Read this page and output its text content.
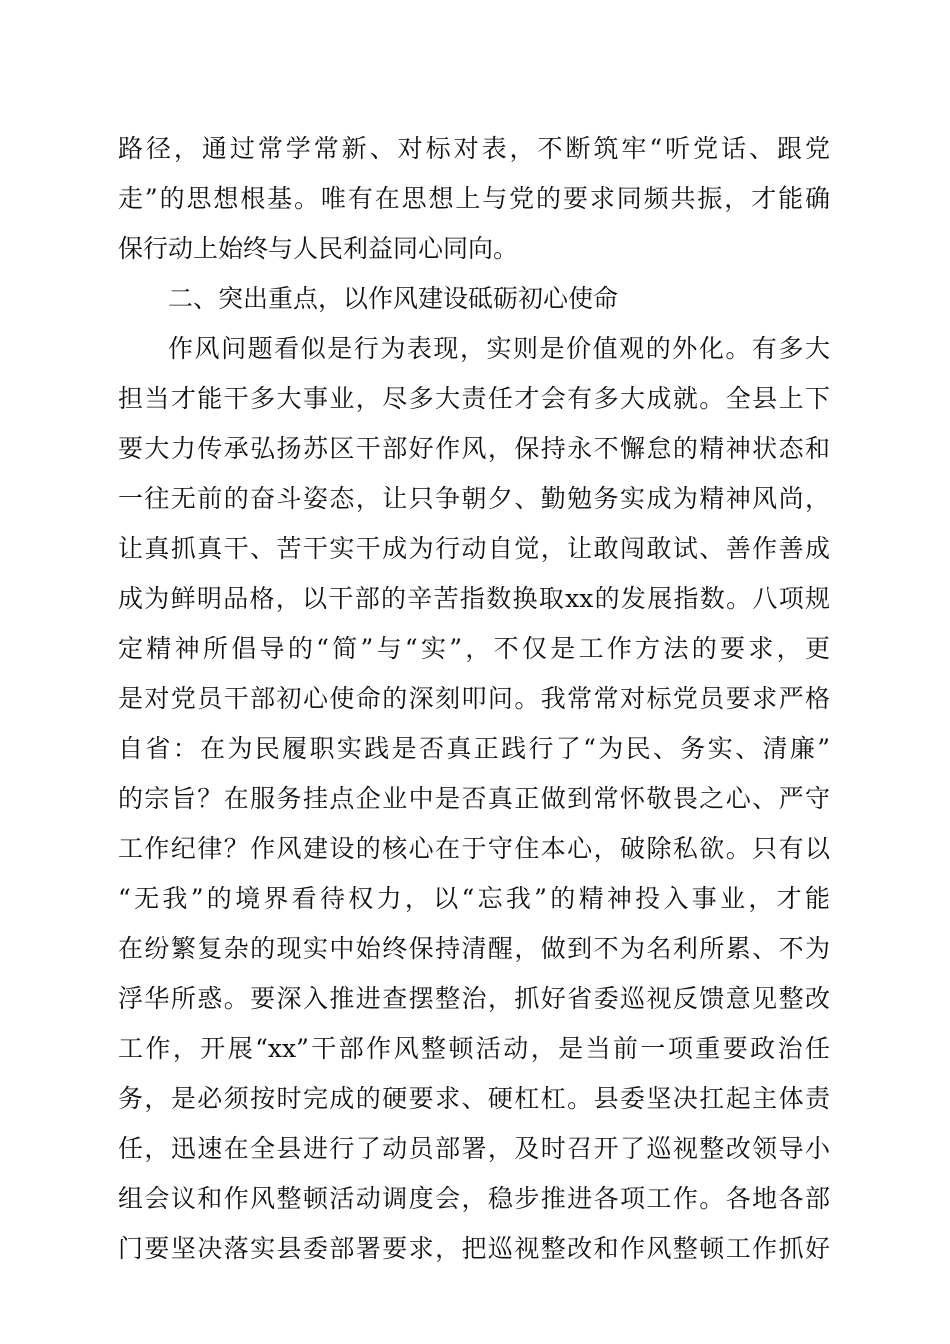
路径，通过常学常新、对标对表，不断筑牢“听党话、跟党
走”的思想根基。唯有在思想上与党的要求同频共振，才能确
保行动上始终与人民利益同心同向。
二、突出重点，以作风建设砥砺初心使命
作风问题看似是行为表现，实则是价值观的外化。有多大
担当才能干多大事业，尽多大责任才会有多大成就。全县上下
要大力传承弘扬苏区干部好作风，保持永不懈怠的精神状态和
一往无前的奋斗姿态，让只争朝夕、勤勉务实成为精神风尚，
让真抓真干、苦干实干成为行动自觉，让敢闯敢试、善作善成
成为鲜明品格，以干部的辛苦指数换取xx的发展指数。八项规
定精神所倡导的“简”与“实”，不仅是工作方法的要求，更
是对党员干部初心使命的深刻叩问。我常常对标党员要求严格
自省：在为民履职实践是否真正践行了“为民、务实、清廉”
的宗旨？在服务挂点企业中是否真正做到常怀敬畏之心、严守
工作纪律？作风建设的核心在于守住本心，破除私欲。只有以
“无我”的境界看待权力，以“忘我”的精神投入事业，才能
在纷繁复杂的现实中始终保持清醒，做到不为名利所累、不为
浮华所惑。要深入推进查摆整治，抓好省委巡视反馈意见整改
工作，开展“xx”干部作风整顿活动，是当前一项重要政治任
务，是必须按时完成的硬要求、硬杠杠。县委坚决扛起主体责
任，迅速在全县进行了动员部署，及时召开了巡视整改领导小
组会议和作风整顿活动调度会，稳步推进各项工作。各地各部
门要坚决落实县委部署要求，把巡视整改和作风整顿工作抓好
